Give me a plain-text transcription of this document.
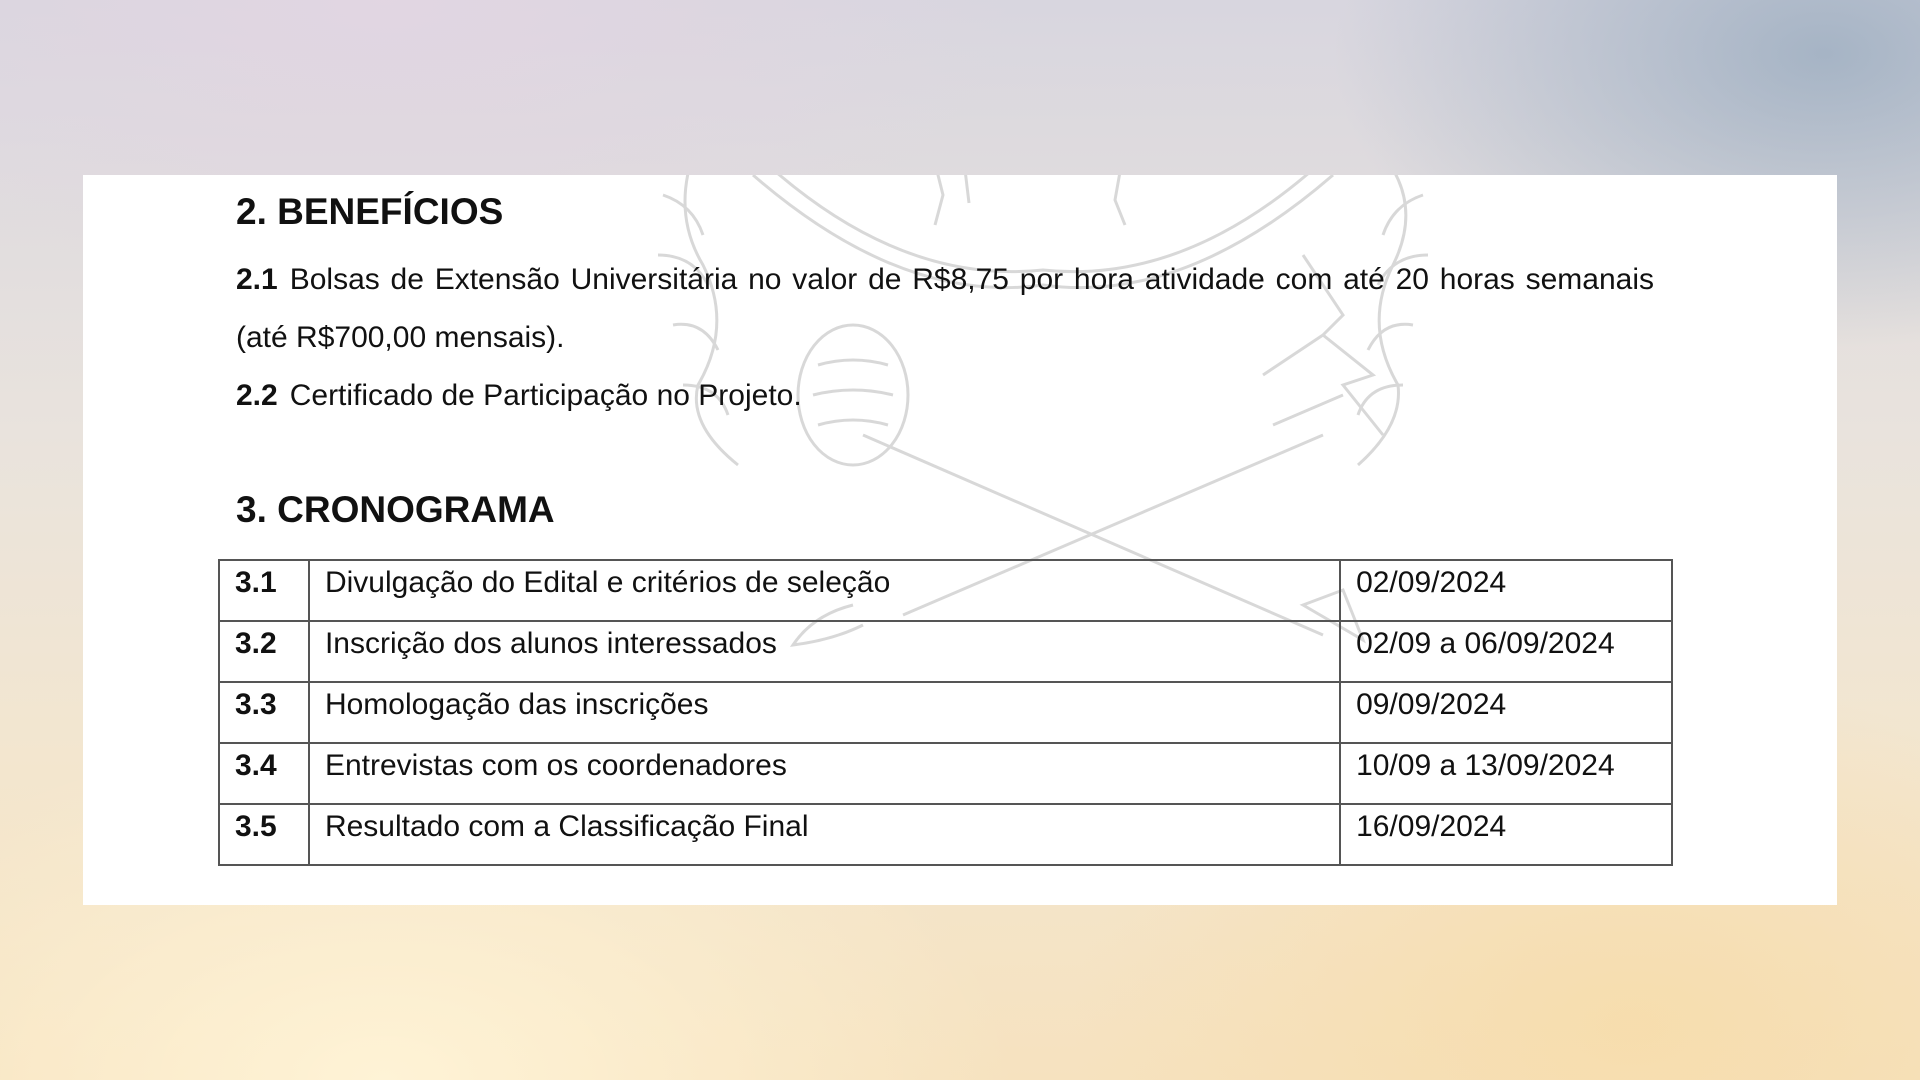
2. BENEFÍCIOS

2.1 Bolsas de Extensão Universitária no valor de R$8,75 por hora atividade com até 20 horas semanais (até R$700,00 mensais).

2.2 Certificado de Participação no Projeto.

3. CRONOGRAMA
3.1	Divulgação do Edital e critérios de seleção	02/09/2024
3.2	Inscrição dos alunos interessados	02/09 a 06/09/2024
3.3	Homologação das inscrições	09/09/2024
3.4	Entrevistas com os coordenadores	10/09 a 13/09/2024
3.5	Resultado com a Classificação Final	16/09/2024
